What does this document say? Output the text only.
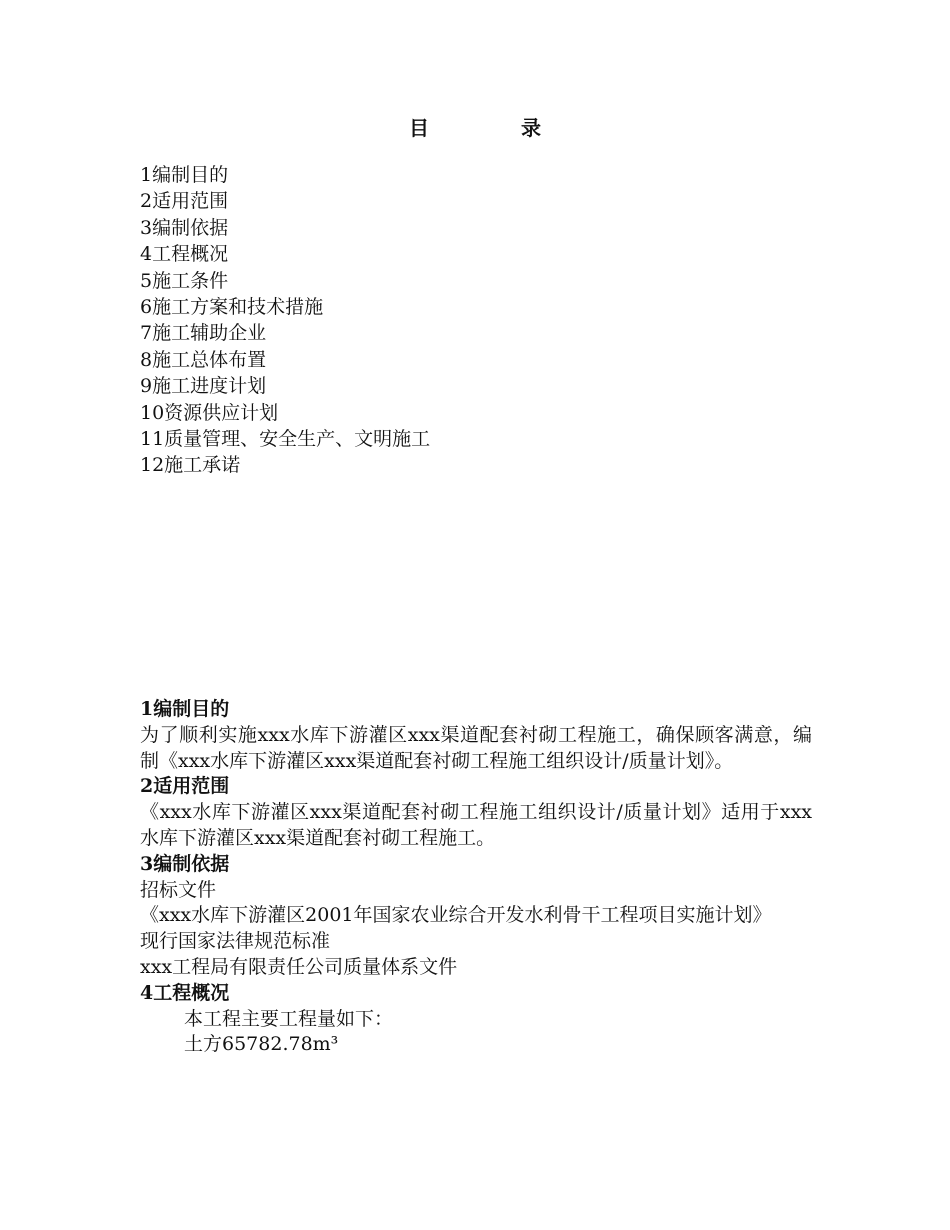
目	录
1编制目的
2适用范围
3编制依据
4工程概况
5施工条件
6施工方案和技术措施
7施工辅助企业
8施工总体布置
9施工进度计划
10资源供应计划
11质量管理、安全生产、文明施工
12施工承诺

1编制目的

为了顺利实施xxx水库下游灌区xxx渠道配套衬砌工程施工，确保顾客满意，编制《xxx水库下游灌区xxx渠道配套衬砌工程施工组织设计/质量计划》。

2适用范围

《xxx水库下游灌区xxx渠道配套衬砌工程施工组织设计/质量计划》适用于xxx水库下游灌区xxx渠道配套衬砌工程施工。

3编制依据

招标文件

《xxx水库下游灌区2001年国家农业综合开发水利骨干工程项目实施计划》

现行国家法律规范标准

xxx工程局有限责任公司质量体系文件

4工程概况

本工程主要工程量如下：

土方65782.78m³
